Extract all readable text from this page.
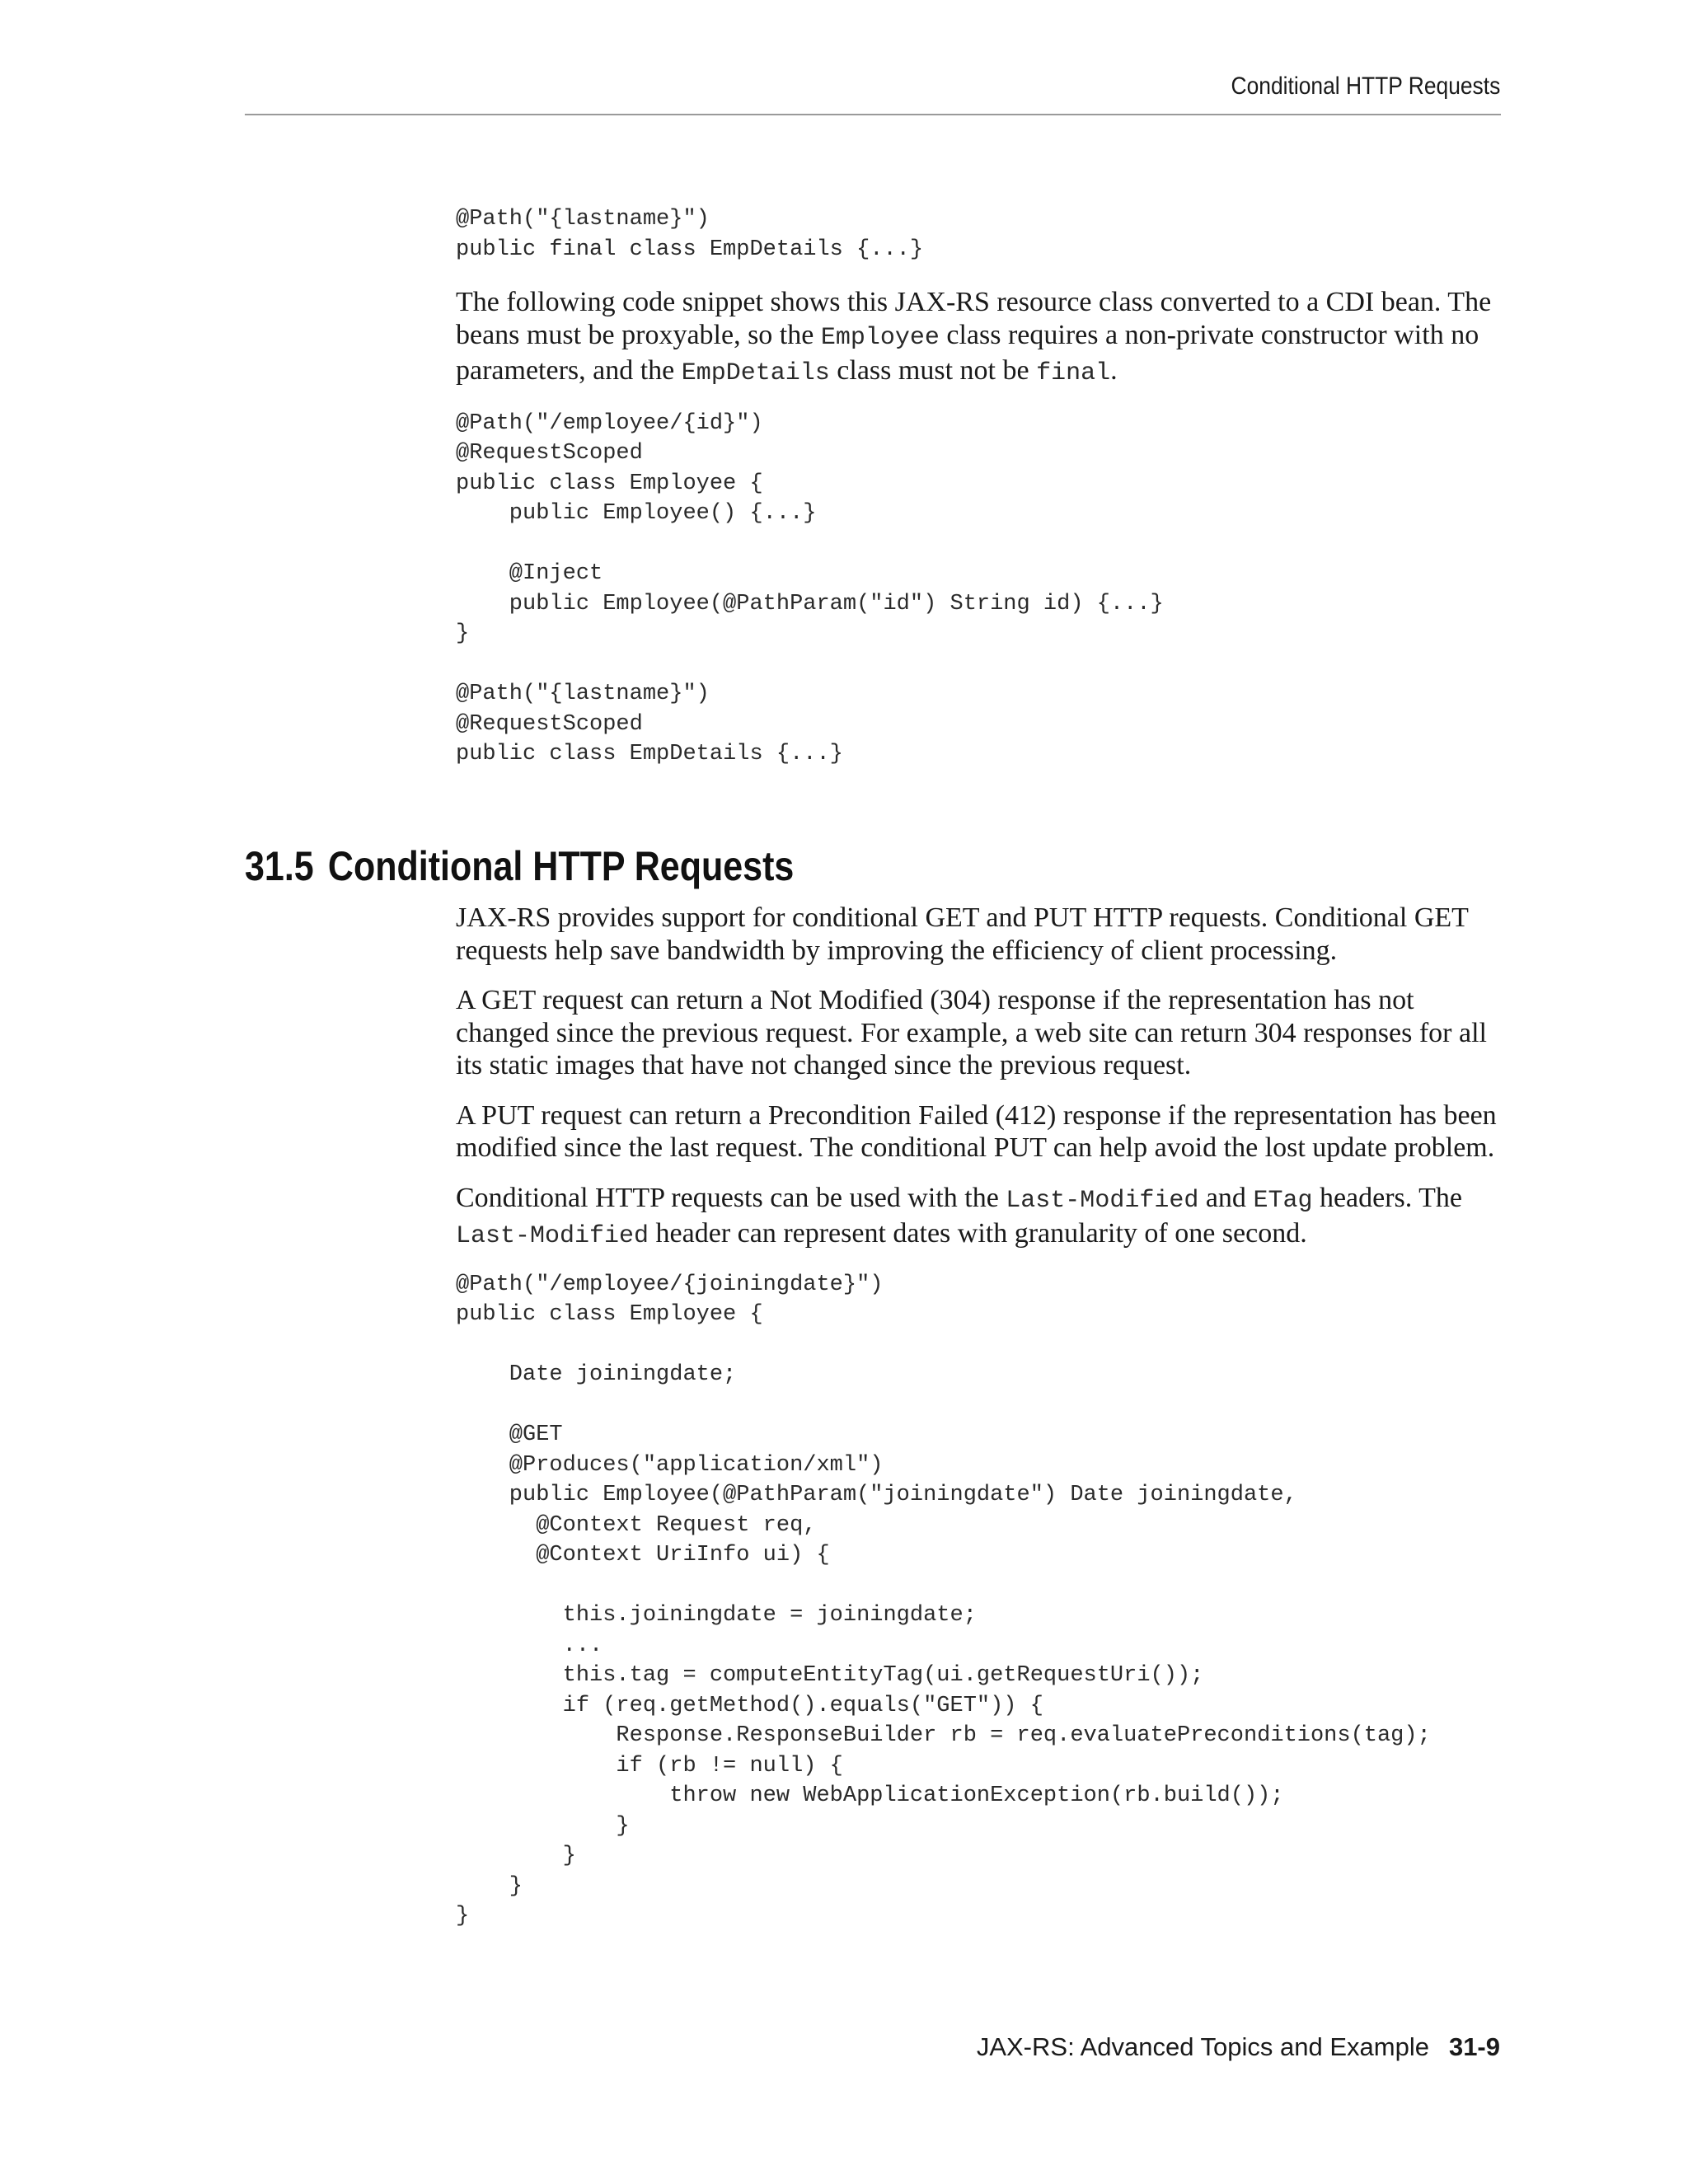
Conditional HTTP Requests
@Path("{lastname}")
public final class EmpDetails {...}

The following code snippet shows this JAX-RS resource class converted to a CDI bean. The beans must be proxyable, so the Employee class requires a non-private constructor with no parameters, and the EmpDetails class must not be final.

@Path("/employee/{id}")
@RequestScoped
public class Employee {
public Employee() {...}

@Inject
public Employee(@PathParam("id") String id) {...}
}

@Path("{lastname}")
@RequestScoped
public class EmpDetails {...}
31.5 Conditional HTTP Requests

JAX-RS provides support for conditional GET and PUT HTTP requests. Conditional GET requests help save bandwidth by improving the efficiency of client processing.

A GET request can return a Not Modified (304) response if the representation has not changed since the previous request. For example, a web site can return 304 responses for all its static images that have not changed since the previous request.

A PUT request can return a Precondition Failed (412) response if the representation has been modified since the last request. The conditional PUT can help avoid the lost update problem.

Conditional HTTP requests can be used with the Last-Modified and ETag headers. The Last-Modified header can represent dates with granularity of one second.

@Path("/employee/{joiningdate}")
public class Employee {

Date joiningdate;

@GET
@Produces("application/xml")
public Employee(@PathParam("joiningdate") Date joiningdate,
@Context Request req,
@Context UriInfo ui) {

this.joiningdate = joiningdate;
...
this.tag = computeEntityTag(ui.getRequestUri());
if (req.getMethod().equals("GET")) {
Response.ResponseBuilder rb = req.evaluatePreconditions(tag);
if (rb != null) {
throw new WebApplicationException(rb.build());
}
}
}
}
JAX-RS: Advanced Topics and Example 31-9
